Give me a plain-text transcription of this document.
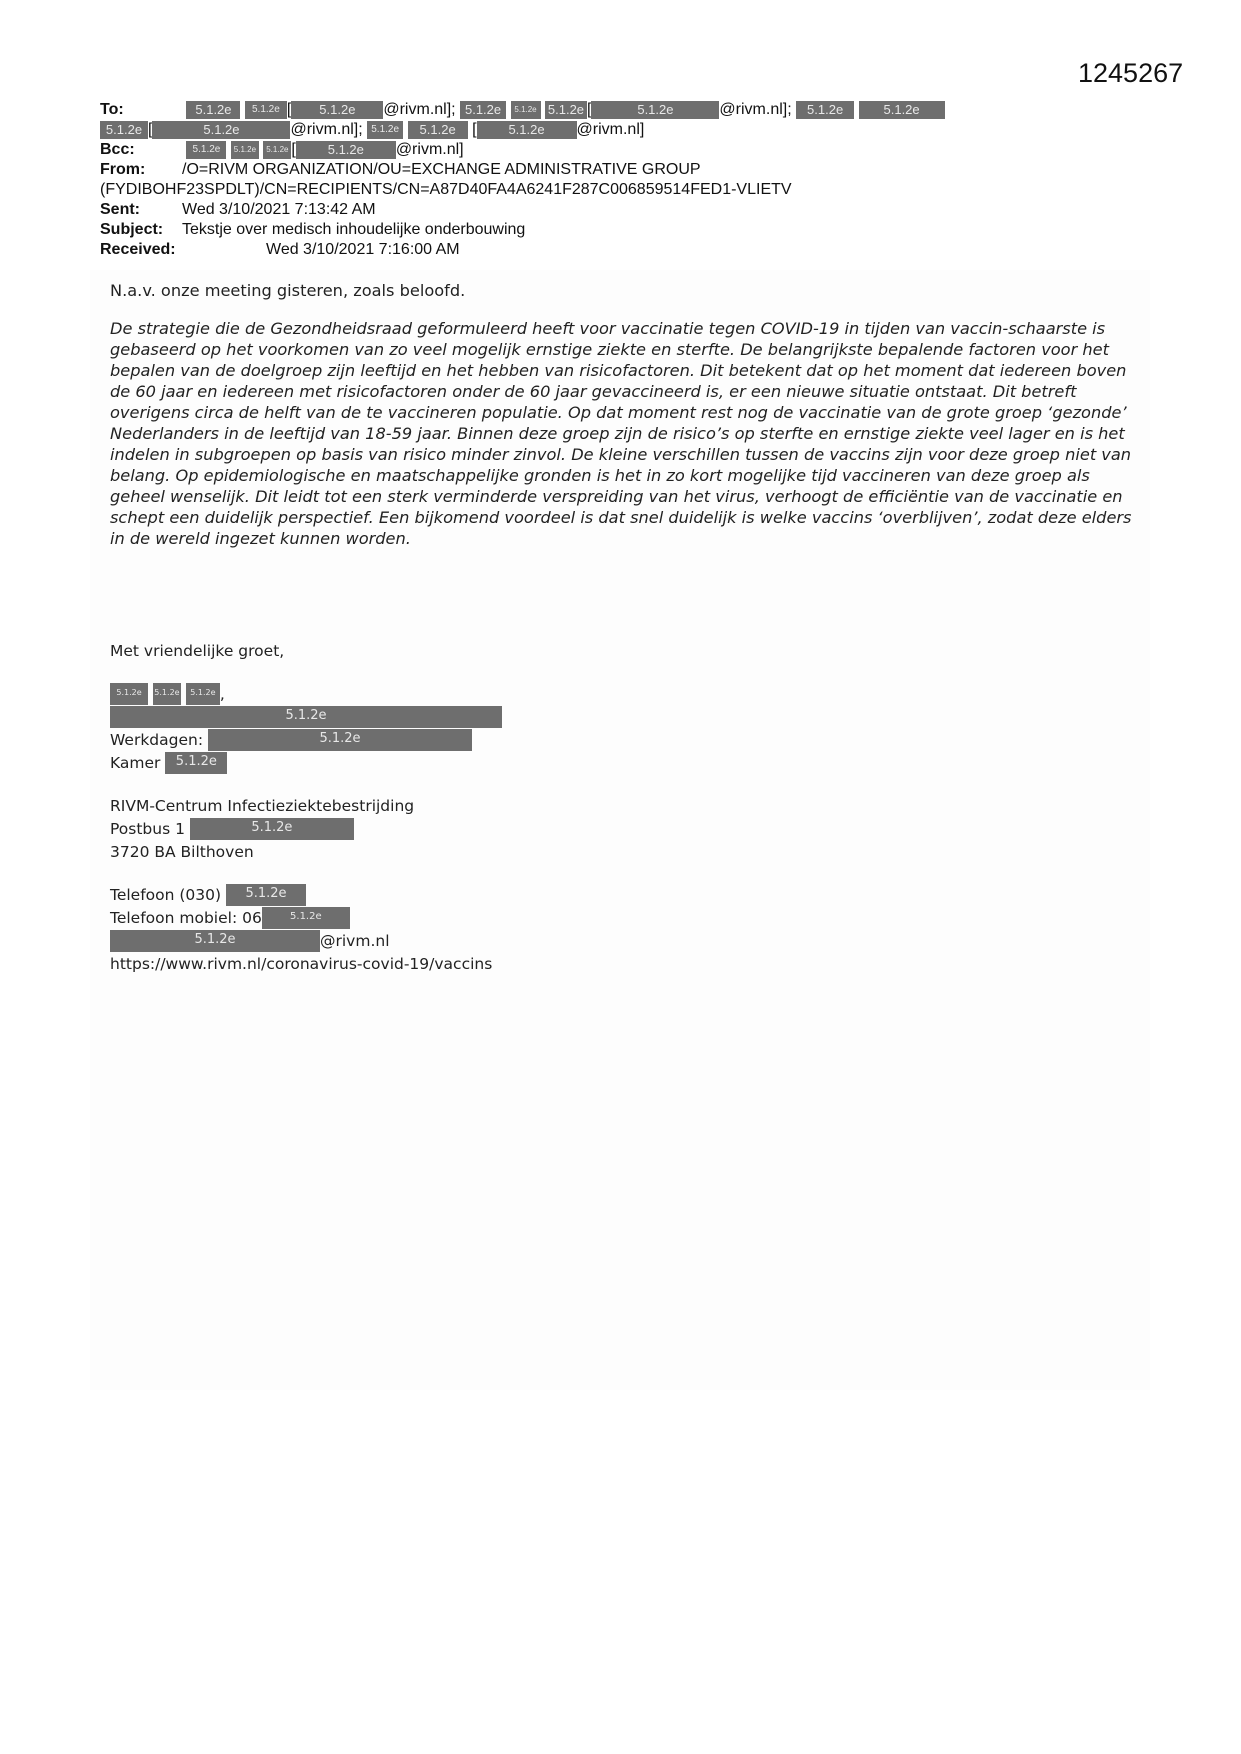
1245267
To:	5.1.2e 5.1.2e [ 5.1.2e @rivm.nl]; 5.1.2e 5.1.2e 5.1.2e [	5.1.2e	@rivm.nl]; 5.1.2e	5.1.2e
5.1.2e [	5.1.2e	@rivm.nl]; 5.1.2e 5.1.2e [ 5.1.2e @rivm.nl]
Bcc:	5.1.2e 5.1.2e 5.1.2e [ 5.1.2e @rivm.nl]
From: /O=RIVM ORGANIZATION/OU=EXCHANGE ADMINISTRATIVE GROUP
(FYDIBOHF23SPDLT)/CN=RECIPIENTS/CN=A87D40FA4A6241F287C006859514FED1-VLIETV
Sent:	Wed 3/10/2021 7:13:42 AM
Subject: Tekstje over medisch inhoudelijke onderbouwing
Received:	Wed 3/10/2021 7:16:00 AM

N.a.v. onze meeting gisteren, zoals beloofd.

De strategie die de Gezondheidsraad geformuleerd heeft voor vaccinatie tegen COVID-19 in tijden van vaccin-schaarste is gebaseerd op het voorkomen van zo veel mogelijk ernstige ziekte en sterfte. De belangrijkste bepalende factoren voor het bepalen van de doelgroep zijn leeftijd en het hebben van risicofactoren. Dit betekent dat op het moment dat iedereen boven de 60 jaar en iedereen met risicofactoren onder de 60 jaar gevaccineerd is, er een nieuwe situatie ontstaat. Dit betreft overigens circa de helft van de te vaccineren populatie. Op dat moment rest nog de vaccinatie van de grote groep ‘gezonde’ Nederlanders in de leeftijd van 18-59 jaar. Binnen deze groep zijn de risico’s op sterfte en ernstige ziekte veel lager en is het indelen in subgroepen op basis van risico minder zinvol. De kleine verschillen tussen de vaccins zijn voor deze groep niet van belang. Op epidemiologische en maatschappelijke gronden is het in zo kort mogelijke tijd vaccineren van deze groep als geheel wenselijk. Dit leidt tot een sterk verminderde verspreiding van het virus, verhoogt de efficiëntie van de vaccinatie en schept een duidelijk perspectief. Een bijkomend voordeel is dat snel duidelijk is welke vaccins ‘overblijven’, zodat deze elders in de wereld ingezet kunnen worden.

Met vriendelijke groet,
5.1.2e 5.1.2e 5.1.2e ,
5.1.2e
Werkdagen:	5.1.2e
Kamer 5.1.2e
RIVM-Centrum Infectieziektebestrijding
Postbus 1	5.1.2e
3720 BA Bilthoven
Telefoon (030) 5.1.2e
Telefoon mobiel: 06	5.1.2e
5.1.2e	@rivm.nl
https://www.rivm.nl/coronavirus-covid-19/vaccins
